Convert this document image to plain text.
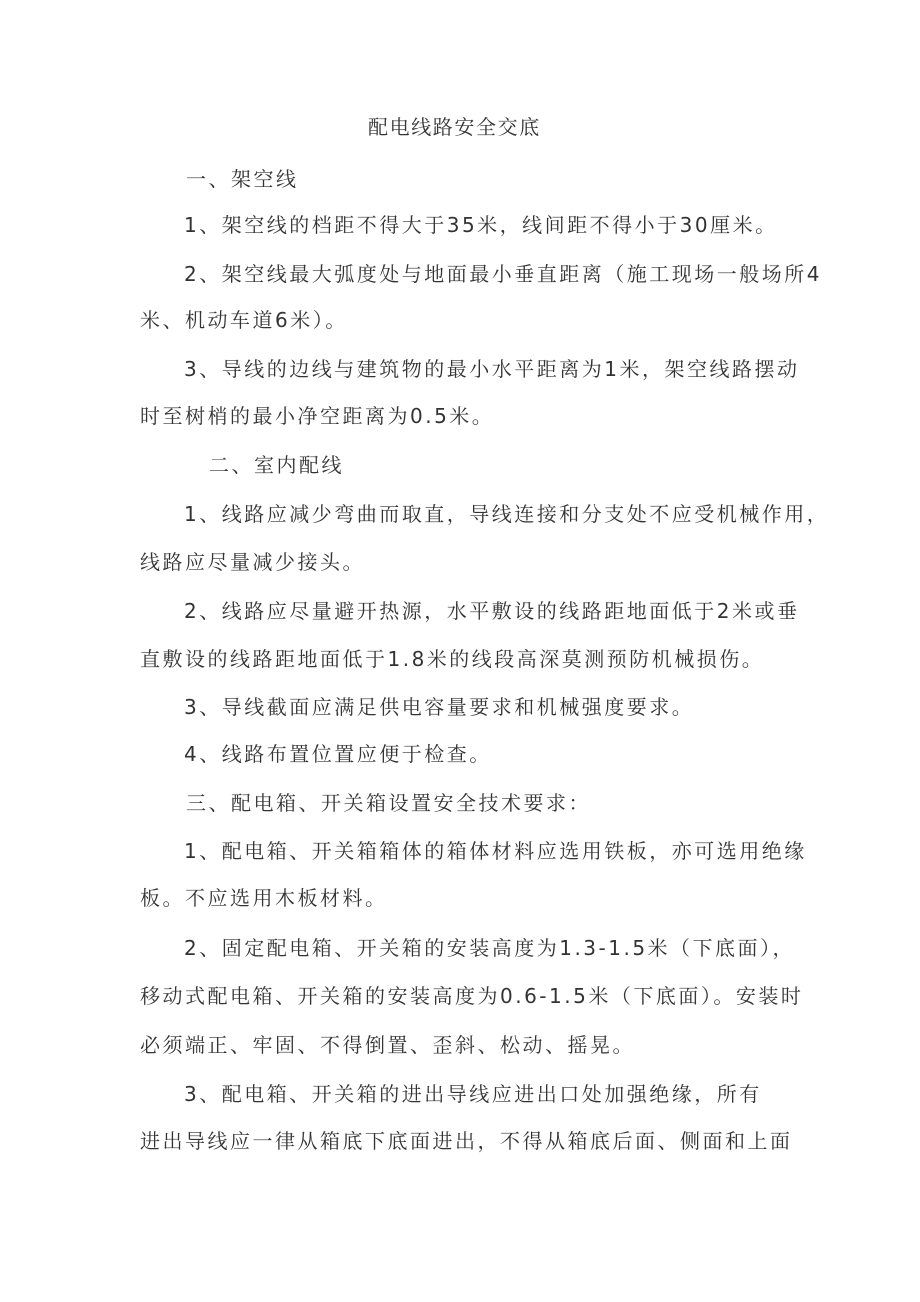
配电线路安全交底
一、架空线
1、架空线的档距不得大于35米，线间距不得小于30厘米。
2、架空线最大弧度处与地面最小垂直距离（施工现场一般场所4
米、机动车道6米）。
3、导线的边线与建筑物的最小水平距离为1米，架空线路摆动
时至树梢的最小净空距离为0.5米。
二、室内配线
1、线路应减少弯曲而取直，导线连接和分支处不应受机械作用，
线路应尽量减少接头。
2、线路应尽量避开热源，水平敷设的线路距地面低于2米或垂
直敷设的线路距地面低于1.8米的线段高深莫测预防机械损伤。
3、导线截面应满足供电容量要求和机械强度要求。
4、线路布置位置应便于检查。
三、配电箱、开关箱设置安全技术要求：
1、配电箱、开关箱箱体的箱体材料应选用铁板，亦可选用绝缘
板。不应选用木板材料。
2、固定配电箱、开关箱的安装高度为1.3-1.5米（下底面），
移动式配电箱、开关箱的安装高度为0.6-1.5米（下底面）。安装时
必须端正、牢固、不得倒置、歪斜、松动、摇晃。
3、配电箱、开关箱的进出导线应进出口处加强绝缘，所有
进出导线应一律从箱底下底面进出，不得从箱底后面、侧面和上面
